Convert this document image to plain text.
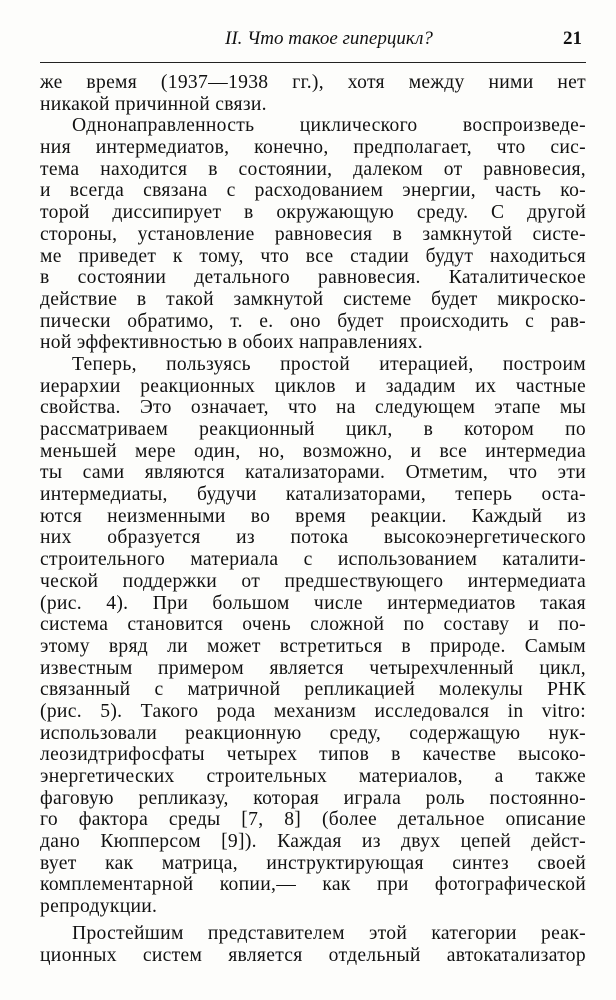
II. Что такое гиперцикл?	21
же время (1937—1938 гг.), хотя между ними нет
никакой причинной связи.
Однонаправленность циклического воспроизведе-
ния интермедиатов, конечно, предполагает, что сис-
тема находится в состоянии, далеком от равновесия,
и всегда связана с расходованием энергии, часть ко-
торой диссипирует в окружающую среду. С другой
стороны, установление равновесия в замкнутой систе-
ме приведет к тому, что все стадии будут находиться
в состоянии детального равновесия. Каталитическое
действие в такой замкнутой системе будет микроско-
пически обратимо, т. е. оно будет происходить с рав-
ной эффективностью в обоих направлениях.
Теперь, пользуясь простой итерацией, построим
иерархии реакционных циклов и зададим их частные
свойства. Это означает, что на следующем этапе мы
рассматриваем реакционный цикл, в котором по
меньшей мере один, но, возможно, и все интермедиа
ты сами являются катализаторами. Отметим, что эти
интермедиаты, будучи катализаторами, теперь оста-
ются неизменными во время реакции. Каждый из
них образуется из потока высокоэнергетического
строительного материала с использованием каталити-
ческой поддержки от предшествующего интермедиата
(рис. 4). При большом числе интермедиатов такая
система становится очень сложной по составу и по-
этому вряд ли может встретиться в природе. Самым
известным примером является четырехчленный цикл,
связанный с матричной репликацией молекулы РНК
(рис. 5). Такого рода механизм исследовался in vitro:
использовали реакционную среду, содержащую нук-
леозидтрифосфаты четырех типов в качестве высоко-
энергетических строительных материалов, а также
фаговую репликазу, которая играла роль постоянно-
го фактора среды [7, 8] (более детальное описание
дано Кюпперсом [9]). Каждая из двух цепей дейст-
вует как матрица, инструктирующая синтез своей
комплементарной копии,— как при фотографической
репродукции.
Простейшим представителем этой категории реак-
ционных систем является отдельный автокатализатор
